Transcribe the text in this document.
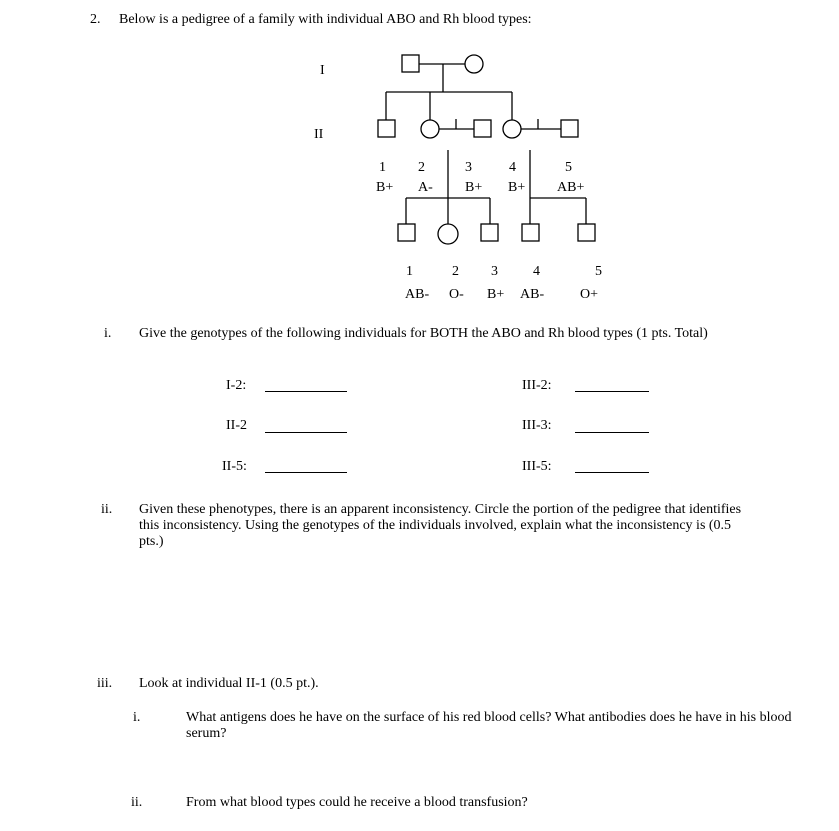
2. Below is a pedigree of a family with individual ABO and Rh blood types:
I
II
1 2	3	4	5
B+ A- B+ B+ AB+
1	2 3	4	5
AB- O- B+ AB-	O+
i. Give the genotypes of the following individuals for BOTH the ABO and Rh blood types (1 pts. Total)
I-2:	III-2:
II-2	III-3:
II-5:	III-5:
ii. Given these phenotypes, there is an apparent inconsistency. Circle the portion of the pedigree that identifies this inconsistency. Using the genotypes of the individuals involved, explain what the inconsistency is (0.5 pts.)
iii. Look at individual II-1 (0.5 pt.).
i.	What antigens does he have on the surface of his red blood cells? What antibodies does he have in his blood serum?
ii.	From what blood types could he receive a blood transfusion?
